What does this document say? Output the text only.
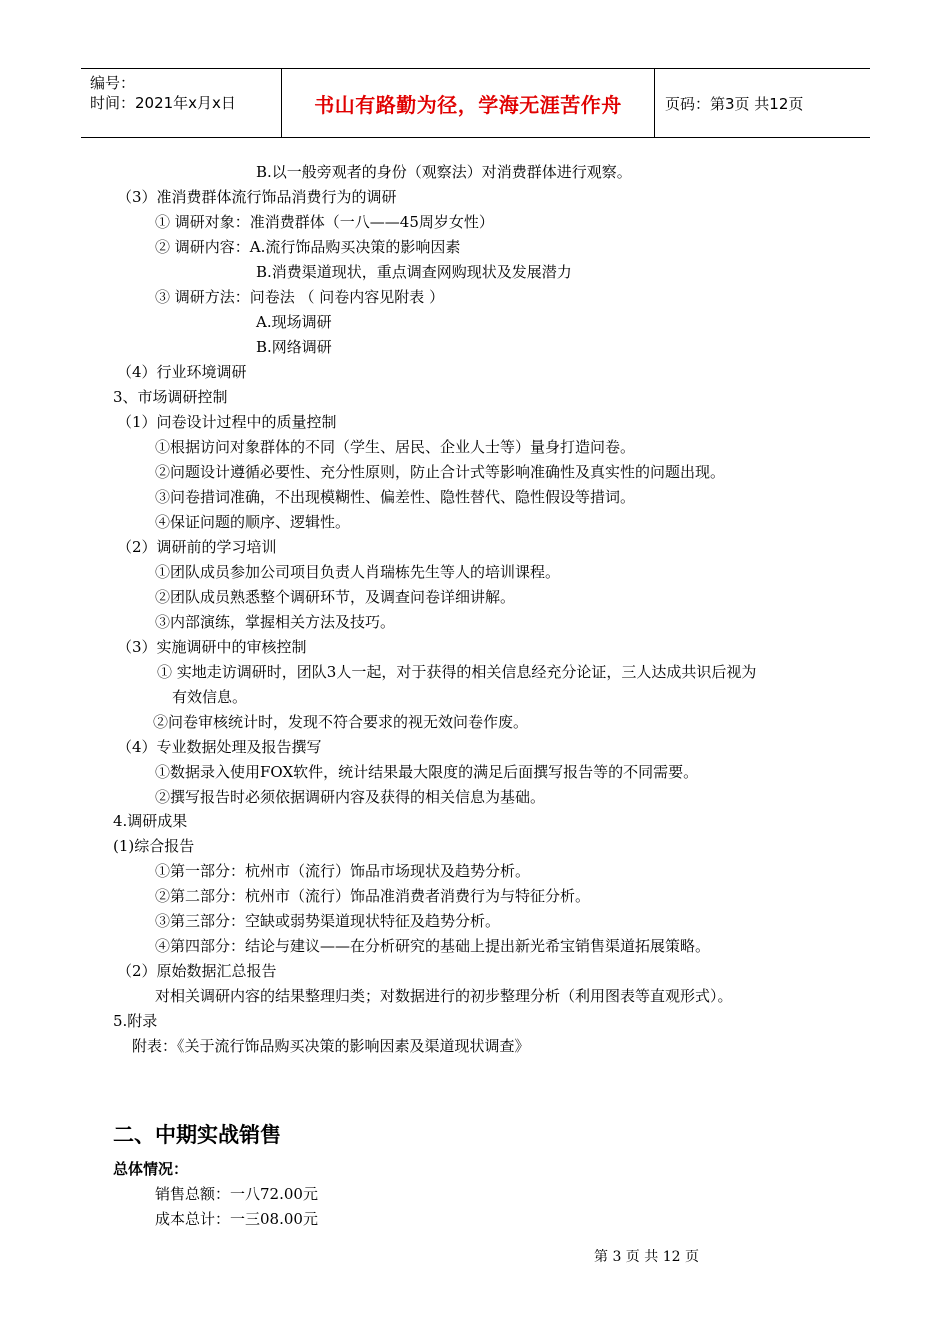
编号：
时间：2021年x月x日	书山有路勤为径，学海无涯苦作舟	页码：第3页 共12页
B.以一般旁观者的身份（观察法）对消费群体进行观察。
（3）准消费群体流行饰品消费行为的调研
① 调研对象：准消费群体（一八——45周岁女性）
② 调研内容：A.流行饰品购买决策的影响因素
B.消费渠道现状，重点调查网购现状及发展潜力
③ 调研方法：问卷法 （ 问卷内容见附表 ）
A.现场调研
B.网络调研
（4）行业环境调研
3、市场调研控制
（1）问卷设计过程中的质量控制
①根据访问对象群体的不同（学生、居民、企业人士等）量身打造问卷。
②问题设计遵循必要性、充分性原则，防止合计式等影响准确性及真实性的问题出现。
③问卷措词准确，不出现模糊性、偏差性、隐性替代、隐性假设等措词。
④保证问题的顺序、逻辑性。
（2）调研前的学习培训
①团队成员参加公司项目负责人肖瑞栋先生等人的培训课程。
②团队成员熟悉整个调研环节，及调查问卷详细讲解。
③内部演练，掌握相关方法及技巧。
（3）实施调研中的审核控制
① 实地走访调研时，团队3人一起，对于获得的相关信息经充分论证，三人达成共识后视为
有效信息。
②问卷审核统计时，发现不符合要求的视无效问卷作废。
（4）专业数据处理及报告撰写
①数据录入使用FOX软件，统计结果最大限度的满足后面撰写报告等的不同需要。
②撰写报告时必须依据调研内容及获得的相关信息为基础。
4.调研成果
(1)综合报告
①第一部分：杭州市（流行）饰品市场现状及趋势分析。
②第二部分：杭州市（流行）饰品准消费者消费行为与特征分析。
③第三部分：空缺或弱势渠道现状特征及趋势分析。
④第四部分：结论与建议——在分析研究的基础上提出新光希宝销售渠道拓展策略。
（2）原始数据汇总报告
对相关调研内容的结果整理归类；对数据进行的初步整理分析（利用图表等直观形式）。
5.附录
附表：《关于流行饰品购买决策的影响因素及渠道现状调查》
二、中期实战销售
总体情况：
销售总额：一八72.00元
成本总计：一三08.00元
第 3 页 共 12 页
